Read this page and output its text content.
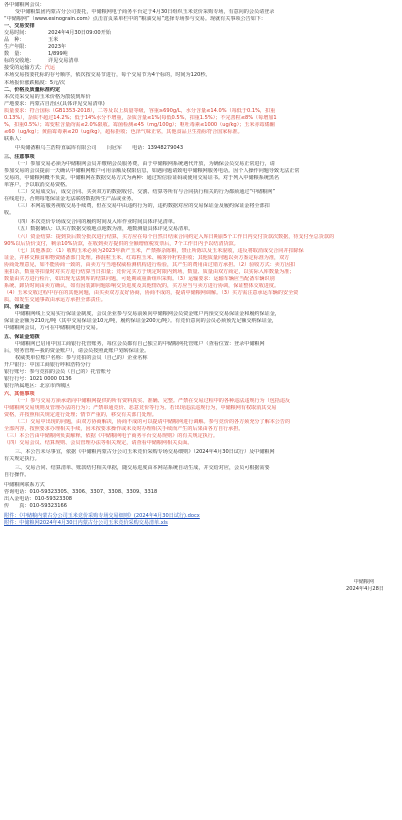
各中储粮网会员：
受中储粮集团内蒙古分公司委托，中储粮网电子商务平台定于4月30日组织玉米竞价采购专场，有意向的会员请登录
“中储粮网”（www.esinograin.com）点击首页菜单栏中的“粮油交易”选择专场参与交易。现就有关事项公告如下：
一、交易安排
交易时间：	2024年4月30日09:00开始
品　种：	玉米
生产年限：	2023年
数　量：	1/899吨
标的交收地：	详见交易清单
接受的运输方式： 汽运
本场交易按委托标的存号顺序，依次按交易节进行，每个交易节为4个标的，时间为120秒。
本场报价涨跌幅度：5元/次
二、价格及质量标准约定
本次竞采交易的玉米价格为散装到库价
产地要求：内蒙古自治区(具体详见交易清单)
质量要求：符合国标（GB1353-2018），二等及以上质量等级，容重≥690g/L，水分含量≤14.0%（每低于0.1%，扣重
0.13%），杂质不超过14.2%；低于14%水分不增重，杂质含量≤1%(每低0.5%，扣重1.5%）；不完善粒≤8%（每增加1
%，扣重0.5%）；霉变粒含量尚需≤2.0%限收。霉菌检测≤45（mg/100g）；呕吐毒素≤1000（ug/kg）；玉米赤霉烯酮
≤60（ug/kg）；黄曲霉毒素≤20（ug/kg），超标拒收；色泽气味正常，其他食品卫生指标符合国家标准。
联系人：
中央储备粮乌兰浩特直属库有限公司　　闫冠军　　电话：13948279043
三、注意事项
（一）参加交易必须为中储粮网会员并缴纳会员服务费，由于中储粮网系统遇代开放，为确保会员交易正常进行，请
参加交易的会员提前一天确认中储粮网账户可用余额及权限信息，如遇问题请致电中储粮网服务电话。因个人操作问题导致无法正常
交易的，中储粮网概不负责。中储粮网在数据交易方式为两种：通过短信验证码或使用交易证书。对于列入中储粮系统黑名
单客户，予以取消交易资格。
（二）交易成交后，成交合同、买卖双方的数据收付、交割、结算等所有与合同执行相关的行为都须通过“中储粮网”
在线进行，否则每笔保证金无法联络数据所生产品或业务。
（三）本网站服务视收交易手续费，但在交易中由违约行为的，违约数据对应的交易保证金及履约保证金将全部扣
收。
（四）本次竞价专场成交合同的履约时间及入库作业时间具体详见清单。
（五）数据确认：以买方数据交收地点地数为准，地数测量具体详见交易清单。
（六）资金结算：提到货后数分批次进行结算，买方应在每个自然日结束合同约定入库日期前5个工作日内交付货款次数据，待支付至总货款的
90%以后货价支付，剩余10%货款，在收到卖方提供的全额增值税发票后，7个工作日内予以结清货款。
（七）其他条款：（1）收购玉米必须为2023年新产玉米，严禁掺杂陈粮，禁止所陈以及玉米混收，违反将取消成交合同并扣除保
证金，并移交粮食和物资储备部门处理。掺混粒玉米、红霉粒玉米、稀雾异籽粒拒收；其他质量问题以卖方鉴定标准为准，双方
协商处理意见，如不能协商一致的，由卖方与当地权威检测机构进行检验，其产生的费用由过错方承担。（2）验收方式：卖方因扣
重扣杂，数重等扣量时对买方进行结算当日扣量；竞价完买方于规定时限内到场，数量、质量由双方商定，以实际入库数量为准；
数量由买方进行检斤，如出现无法到库的结算问题，可延期或重新组织采购。（3）运输要求：运输车辆应当配备车辆识别
系统、卸货时间由卖方确认，如有因装卸问题影响交货进度及其他情况的，买方应当与卖方进行协调，保证整体交收进度。
（4）玉米交收过程中存在的其他问题，由买卖双方友好协商，协商不成的，提请中储粮网调解。（3）买方需注意承运车辆的安全资
质，如发生交通事故由承运方承担全部责任。
四、保证金
中储粮网线上交易实行保证金制度，会员企业参与交易前须向中储粮网会员资金账户内预交交易保证金和履约保证金，
保证金金额为210元/吨（其中交易保证金10元/吨，履约保证金200元/吨）。有竞价意向的会员必须预先足额交纳保证金，
中储粮网会员，方可在中储粮网进行交易。
五、保证金划拨
中储粮网已启用中国工商银行托管账务，每位会员都有自己独立的中储粮网托管账户（查看位置：登录中储粮网
后，财务管理—我的资金账户），请会员按照此账户划转保证金。
权威类单位账户名称：参与竞拍的会员（自己的）企业名称
开户银行：中国工商银行呼和浩特分行
银行账号：参与竞拍的会员（自己的）托管账号
银行行号：1021 0000 0136
银行所属地区：北京市西城区
六、其他事项
（一）参与交易方须承诺向中储粮网提供的所有资料真实、准确、完整。严禁在交易过程中的各种违法违规行为（包括违反
中储粮网交易规则及管理办法的行为）；严禁串通竞价、恶意竞价等行为。若出现违法违规行为，中储粮网有权取消其交易
资格，并按照相关规定进行处理；情节严重的，移交有关部门处理。
（二）交易中出现的问题，由双方协商解决，协商不成的可以提请中储粮网进行调解。参与竞价的各方须充分了解本公告的
全部内容，按照要求办理相关手续，因未按要求操作或未及时办理相关手续而产生的后果由各方自行承担。
（三）本公告由中储粮网负责解释。依据《中储粮网电子商务平台交易规则》的有关规定执行。
（四）交易会员、结算规则、会员管理办法等相关规定，请查看中储粮网相关页面。
三、本公告未尽事宜，依据《中储粮内蒙古分公司玉米竞价采购专场交易细则》（2024年4月30日试行）及中储粮网
有关规定执行。
三、交易合同、结算清单、账款结付相关单据，随交易进度由本网站系统自动生成，并交给对应，会员可根据需要
自行操作。
中储粮网联系方式
咨询电话：010-59323305、3306、3307、3308、3309、3318
出入金电话：010-59323308
传　　真：010-59323166
附件：《中储粮内蒙古分公司玉米竞价采购专场交易细则》(2024年4月30日试行).docx
附件：中储粮网2024年4月30日内蒙古分公司玉米竞价采购交易清单.xls
中储粮网
2024年4月28日
